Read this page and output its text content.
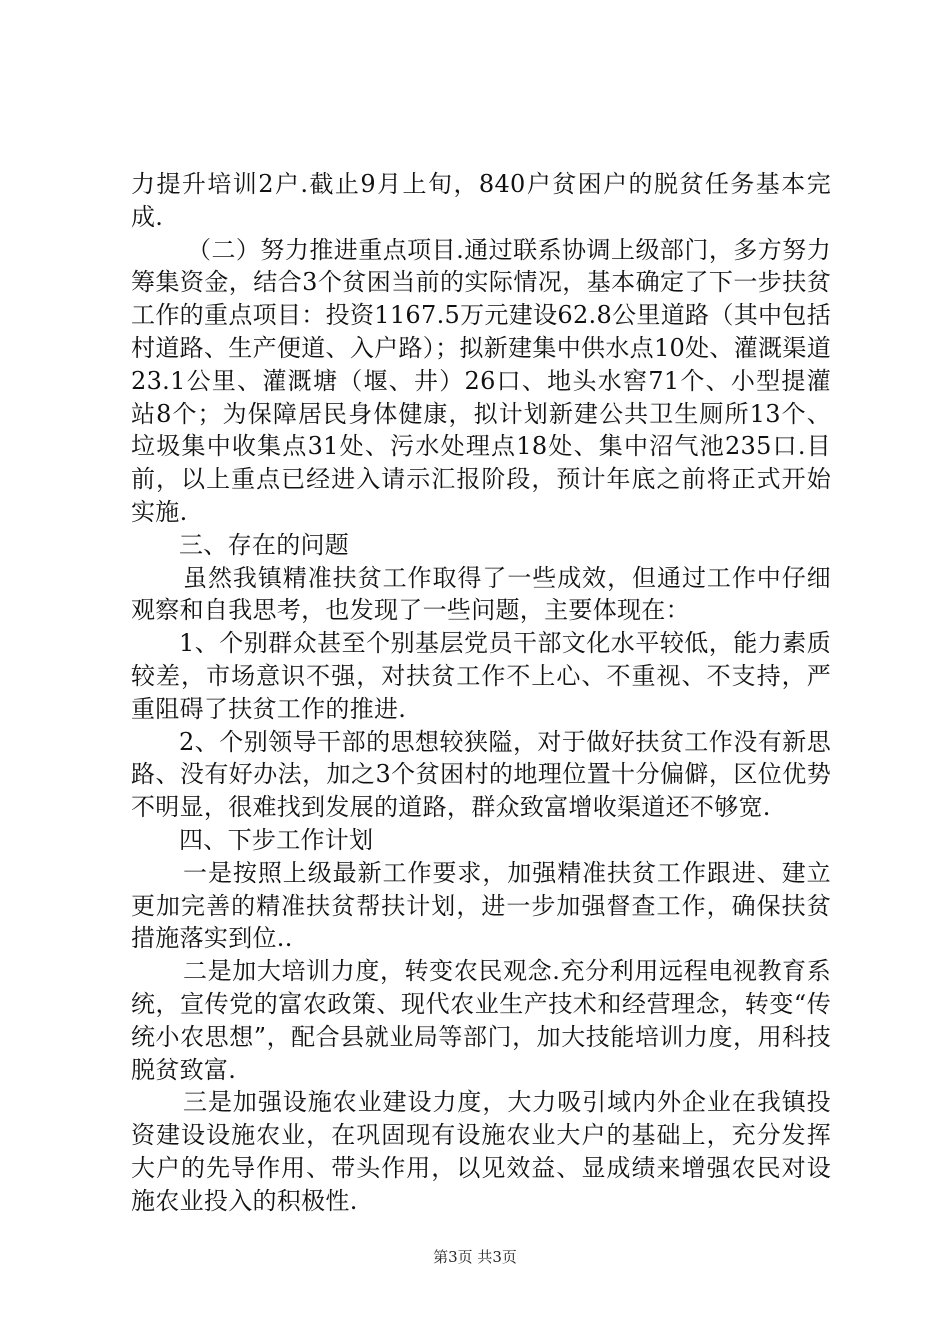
力提升培训2户.截止9月上旬，840户贫困户的脱贫任务基本完成.

（二）努力推进重点项目.通过联系协调上级部门，多方努力筹集资金，结合3个贫困当前的实际情况，基本确定了下一步扶贫工作的重点项目：投资1167.5万元建设62.8公里道路（其中包括村道路、生产便道、入户路）；拟新建集中供水点10处、灌溉渠道23.1公里、灌溉塘（堰、井）26口、地头水窖71个、小型提灌站8个；为保障居民身体健康，拟计划新建公共卫生厕所13个、垃圾集中收集点31处、污水处理点18处、集中沼气池235口.目前，以上重点已经进入请示汇报阶段，预计年底之前将正式开始实施.

三、存在的问题

虽然我镇精准扶贫工作取得了一些成效，但通过工作中仔细观察和自我思考，也发现了一些问题，主要体现在：

1、个别群众甚至个别基层党员干部文化水平较低，能力素质较差，市场意识不强，对扶贫工作不上心、不重视、不支持，严重阻碍了扶贫工作的推进.

2、个别领导干部的思想较狭隘，对于做好扶贫工作没有新思路、没有好办法，加之3个贫困村的地理位置十分偏僻，区位优势不明显，很难找到发展的道路，群众致富增收渠道还不够宽.

四、下步工作计划

一是按照上级最新工作要求，加强精准扶贫工作跟进、建立更加完善的精准扶贫帮扶计划，进一步加强督查工作，确保扶贫措施落实到位..

二是加大培训力度，转变农民观念.充分利用远程电视教育系统，宣传党的富农政策、现代农业生产技术和经营理念，转变“传统小农思想”，配合县就业局等部门，加大技能培训力度，用科技脱贫致富.

三是加强设施农业建设力度，大力吸引域内外企业在我镇投资建设设施农业，在巩固现有设施农业大户的基础上，充分发挥大户的先导作用、带头作用，以见效益、显成绩来增强农民对设施农业投入的积极性.

第3页 共3页
